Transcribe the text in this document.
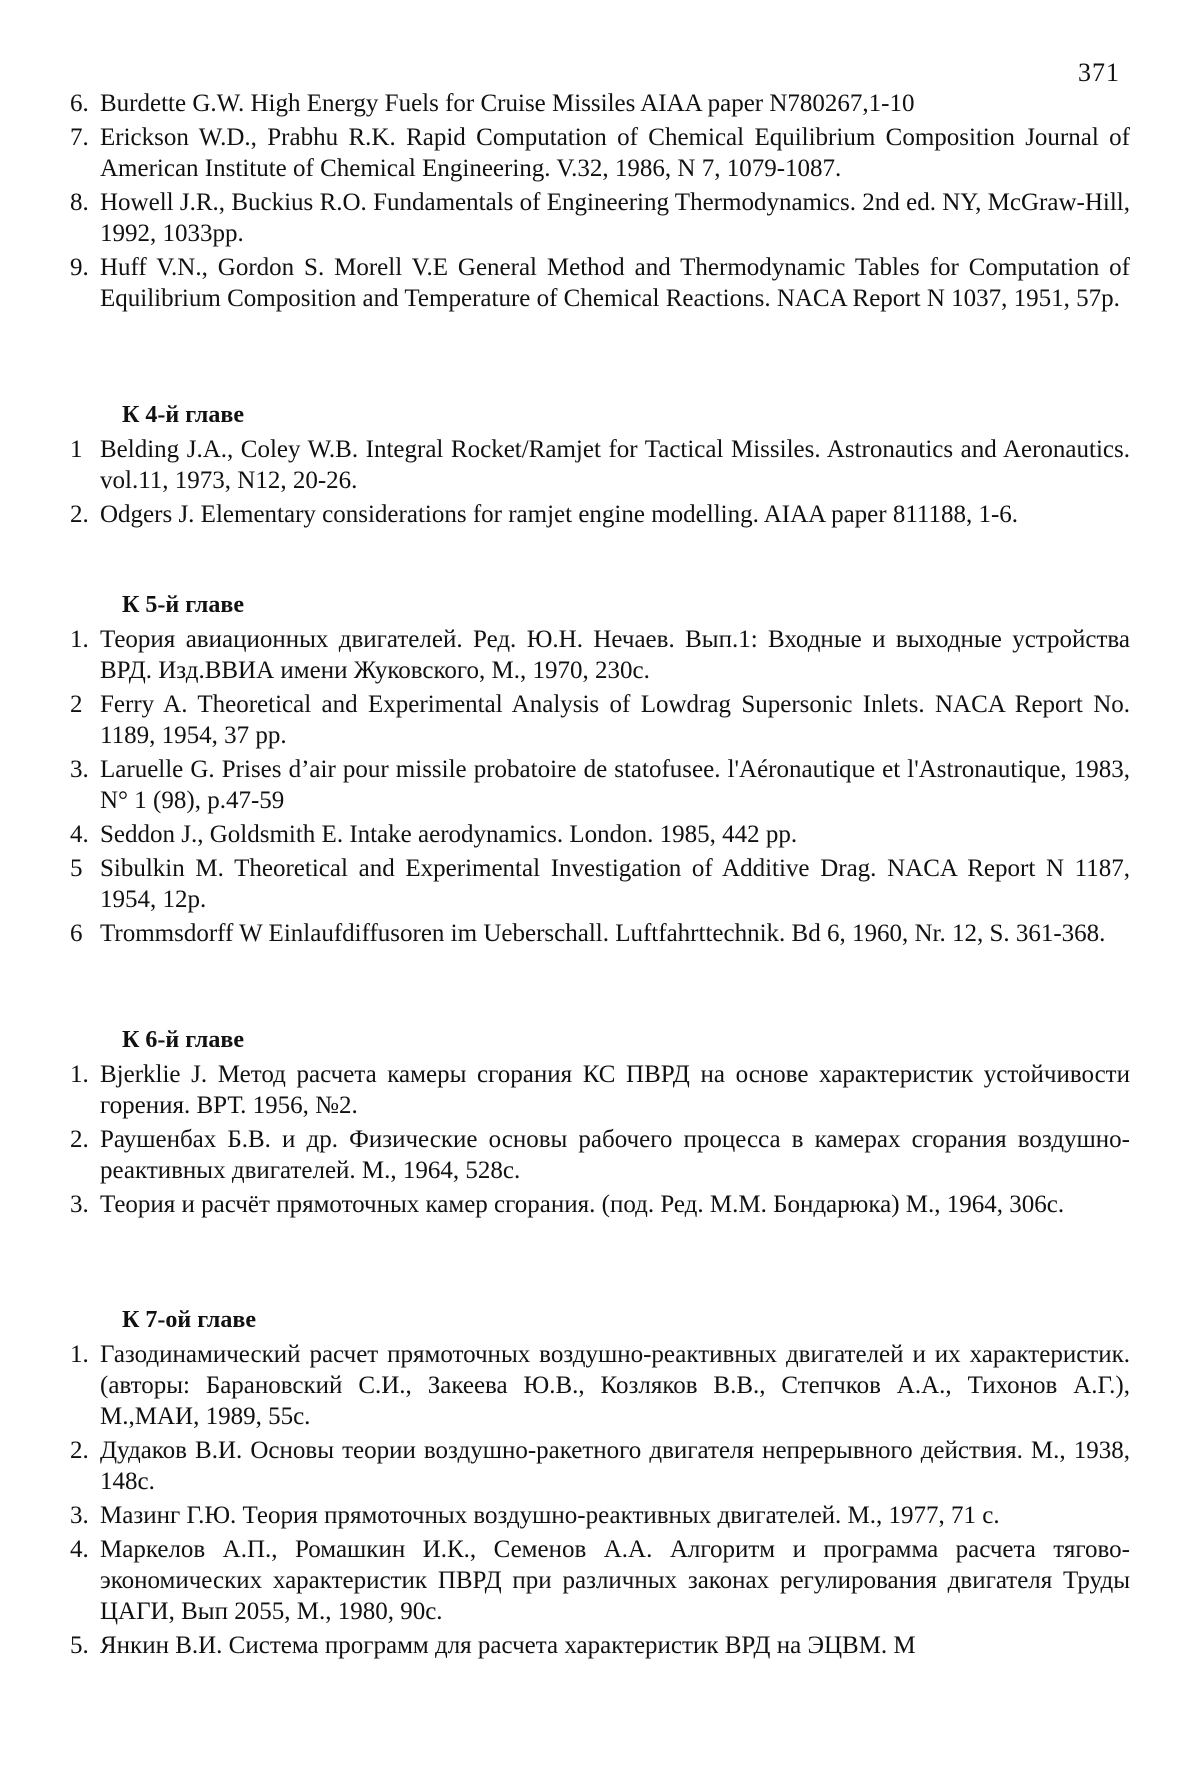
371
6. Burdette G.W. High Energy Fuels for Cruise Missiles AIAA paper N780267,1-10
7. Erickson W.D., Prabhu R.K. Rapid Computation of Chemical Equilibrium Composition Journal of American Institute of Chemical Engineering. V.32, 1986, N 7, 1079-1087.
8. Howell J.R., Buckius R.O. Fundamentals of Engineering Thermodynamics. 2nd ed. NY, McGraw-Hill, 1992, 1033pp.
9. Huff V.N., Gordon S. Morell V.E General Method and Thermodynamic Tables for Computation of Equilibrium Composition and Temperature of Chemical Reactions. NACA Report N 1037, 1951, 57p.
К 4-й главе
1 Belding J.A., Coley W.B. Integral Rocket/Ramjet for Tactical Missiles. Astronautics and Aeronautics. vol.11, 1973, N12, 20-26.
2. Odgers J. Elementary considerations for ramjet engine modelling. AIAA paper 811188, 1-6.
К 5-й главе
1. Теория авиационных двигателей. Ред. Ю.Н. Нечаев. Вып.1: Входные и выходные устройства ВРД. Изд.ВВИА имени Жуковского, М., 1970, 230с.
2 Ferry A. Theoretical and Experimental Analysis of Lowdrag Supersonic Inlets. NACA Report No. 1189, 1954, 37 pp.
3. Laruelle G. Prises d’air pour missile probatoire de statofusee. l'Aéronautique et l'Astronautique, 1983, N° 1 (98), p.47-59
4. Seddon J., Goldsmith E. Intake aerodynamics. London. 1985, 442 pp.
5 Sibulkin M. Theoretical and Experimental Investigation of Additive Drag. NACA Report N 1187, 1954, 12p.
6 Trommsdorff W Einlaufdiffusoren im Ueberschall. Luftfahrttechnik. Bd 6, 1960, Nr. 12, S. 361-368.
К 6-й главе
1. Bjerklie J. Метод расчета камеры сгорания КС ПВРД на основе характеристик устойчивости горения. ВРТ. 1956, №2.
2. Раушенбах Б.В. и др. Физические основы рабочего процесса в камерах сгорания воздушно-реактивных двигателей. М., 1964, 528с.
3. Теория и расчёт прямоточных камер сгорания. (под. Ред. М.М. Бондарюка) М., 1964, 306с.
К 7-ой главе
1. Газодинамический расчет прямоточных воздушно-реактивных двигателей и их характеристик. (авторы: Барановский С.И., Закеева Ю.В., Козляков В.В., Степчков А.А., Тихонов А.Г.), М.,МАИ, 1989, 55с.
2. Дудаков В.И. Основы теории воздушно-ракетного двигателя непрерывного действия. М., 1938, 148с.
3. Мазинг Г.Ю. Теория прямоточных воздушно-реактивных двигателей. М., 1977, 71 с.
4. Маркелов А.П., Ромашкин И.К., Семенов А.А. Алгоритм и программа расчета тягово-экономических характеристик ПВРД при различных законах регулирования двигателя Труды ЦАГИ, Вып 2055, М., 1980, 90с.
5. Янкин В.И. Система программ для расчета характеристик ВРД на ЭЦВМ. М
